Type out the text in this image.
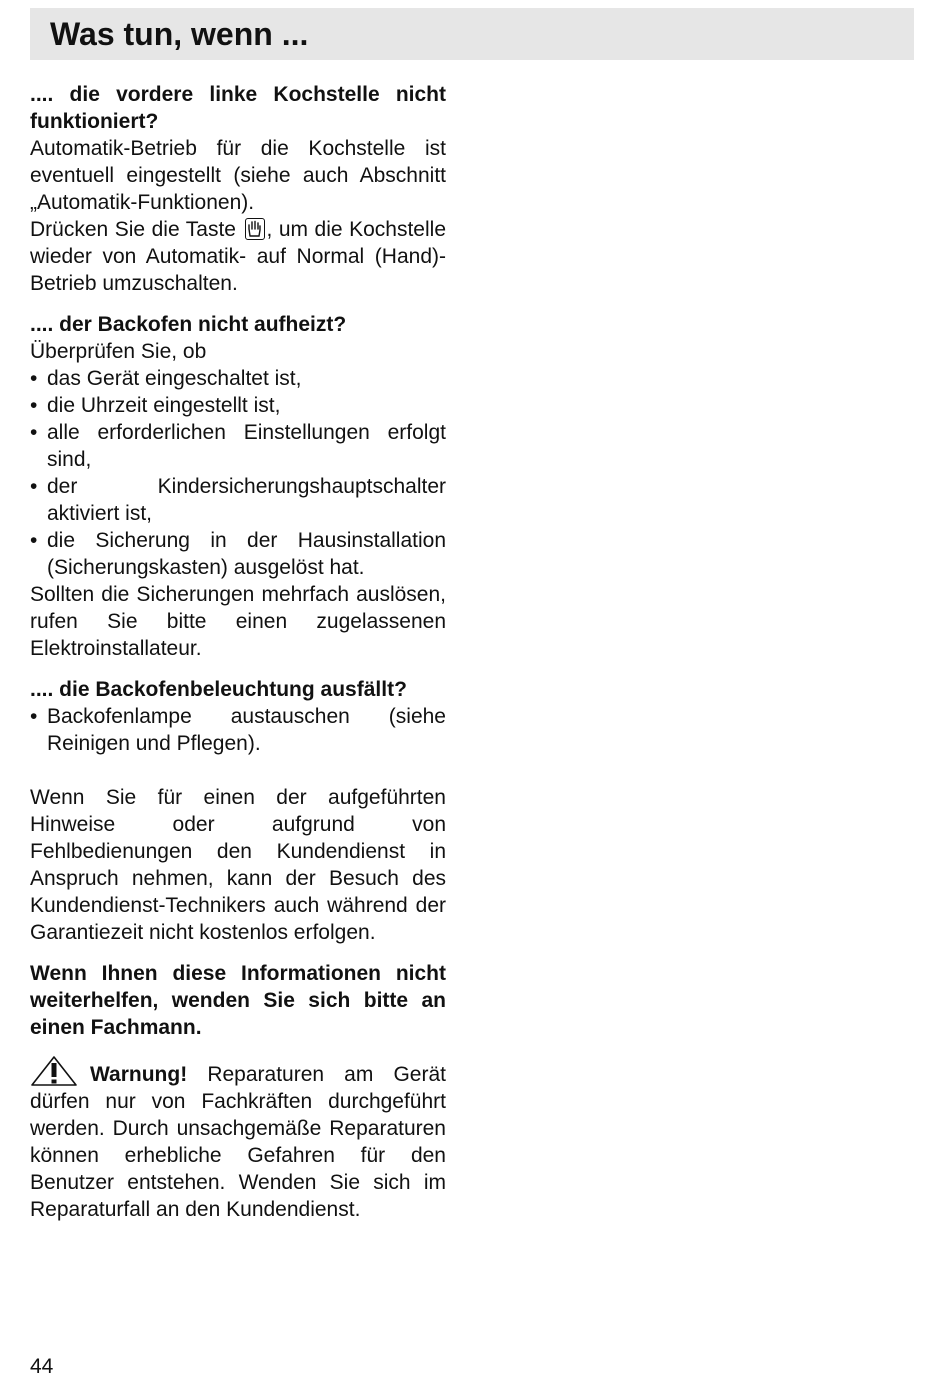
Was tun, wenn ...

.... die vordere linke Kochstelle nicht funktioniert?

Automatik-Betrieb für die Kochstelle ist eventuell eingestellt (siehe auch Abschnitt „Automatik-Funktionen).

Drücken Sie die Taste , um die Kochstelle wieder von Automatik- auf Normal (Hand)-Betrieb umzuschalten.

.... der Backofen nicht aufheizt?

Überprüfen Sie, ob

• das Gerät eingeschaltet ist,
• die Uhrzeit eingestellt ist,
• alle erforderlichen Einstellungen erfolgt sind,
• der Kindersicherungshauptschalter aktiviert ist,
• die Sicherung in der Hausinstallation (Sicherungskasten) ausgelöst hat.

Sollten die Sicherungen mehrfach auslösen, rufen Sie bitte einen zugelassenen Elektroinstallateur.

.... die Backofenbeleuchtung ausfällt?

• Backofenlampe austauschen (siehe Reinigen und Pflegen).

Wenn Sie für einen der aufgeführten Hinweise oder aufgrund von Fehlbedienungen den Kundendienst in Anspruch nehmen, kann der Besuch des Kundendienst-Technikers auch während der Garantiezeit nicht kostenlos erfolgen.

Wenn Ihnen diese Informationen nicht weiterhelfen, wenden Sie sich bitte an einen Fachmann.

Warnung! Reparaturen am Gerät dürfen nur von Fachkräften durchgeführt werden. Durch unsachgemäße Reparaturen können erhebliche Gefahren für den Benutzer entstehen. Wenden Sie sich im Reparaturfall an den Kundendienst.

44
